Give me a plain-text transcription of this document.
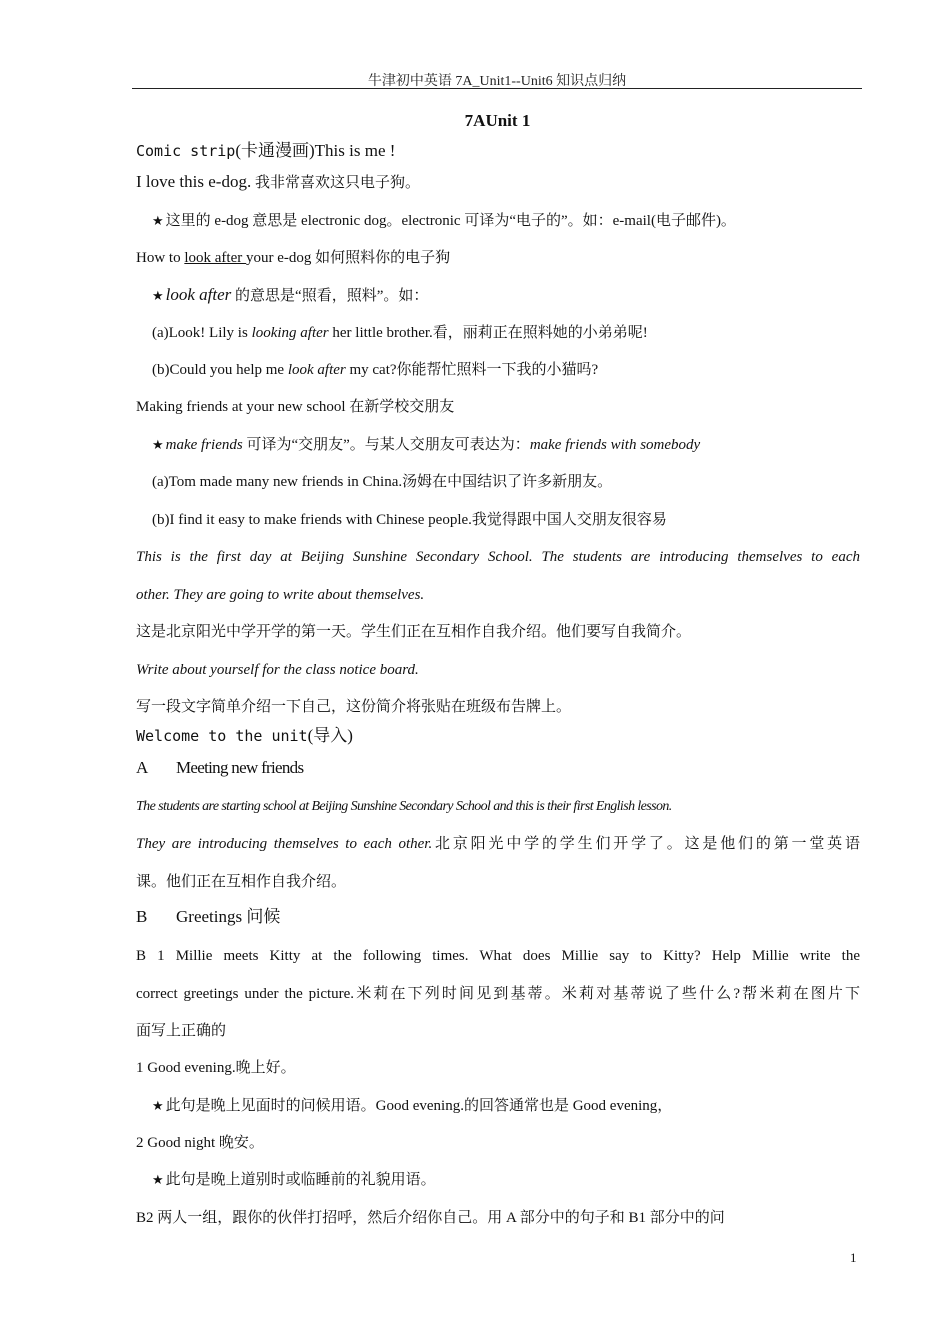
牛津初中英语 7A_Unit1--Unit6 知识点归纳
7AUnit 1
Comic strip(卡通漫画)This is me !
I love this e-dog. 我非常喜欢这只电子狗。
★ 这里的 e-dog 意思是 electronic dog。electronic 可译为“电子的”。如：e-mail(电子邮件)。
How to look after your e-dog 如何照料你的电子狗
★ look after 的意思是“照看，照料”。如：
(a)Look! Lily is looking after her little brother.看，丽莉正在照料她的小弟弟呢!
(b)Could you help me look after my cat?你能帮忙照料一下我的小猫吗?
Making friends at your new school 在新学校交朋友
★ make friends 可译为“交朋友”。与某人交朋友可表达为：make friends with somebody
(a)Tom made many new friends in China.汤姆在中国结识了许多新朋友。
(b)I find it easy to make friends with Chinese people.我觉得跟中国人交朋友很容易
This is the first day at Beijing Sunshine Secondary School. The students are introducing themselves to each
other. They are going to write about themselves.
这是北京阳光中学开学的第一天。学生们正在互相作自我介绍。他们要写自我简介。
Write about yourself for the class notice board.
写一段文字简单介绍一下自己，这份简介将张贴在班级布告牌上。
Welcome to the unit(导入)
A Meeting new friends
The students are starting school at Beijing Sunshine Secondary School and this is their first English lesson.
They are introducing themselves to each other.北京阳光中学的学生们开学了。这是他们的第一堂英语
课。他们正在互相作自我介绍。
B Greetings 问候
B 1 Millie meets Kitty at the following times. What does Millie say to Kitty? Help Millie write the
correct greetings under the picture.米莉在下列时间见到基蒂。米莉对基蒂说了些什么?帮米莉在图片下
面写上正确的
1 Good evening.晚上好。
★ 此句是晚上见面时的问候用语。Good evening.的回答通常也是 Good evening，
2 Good night 晚安。
★ 此句是晚上道别时或临睡前的礼貌用语。
B2 两人一组，跟你的伙伴打招呼，然后介绍你自己。用 A 部分中的句子和 B1 部分中的问
1
